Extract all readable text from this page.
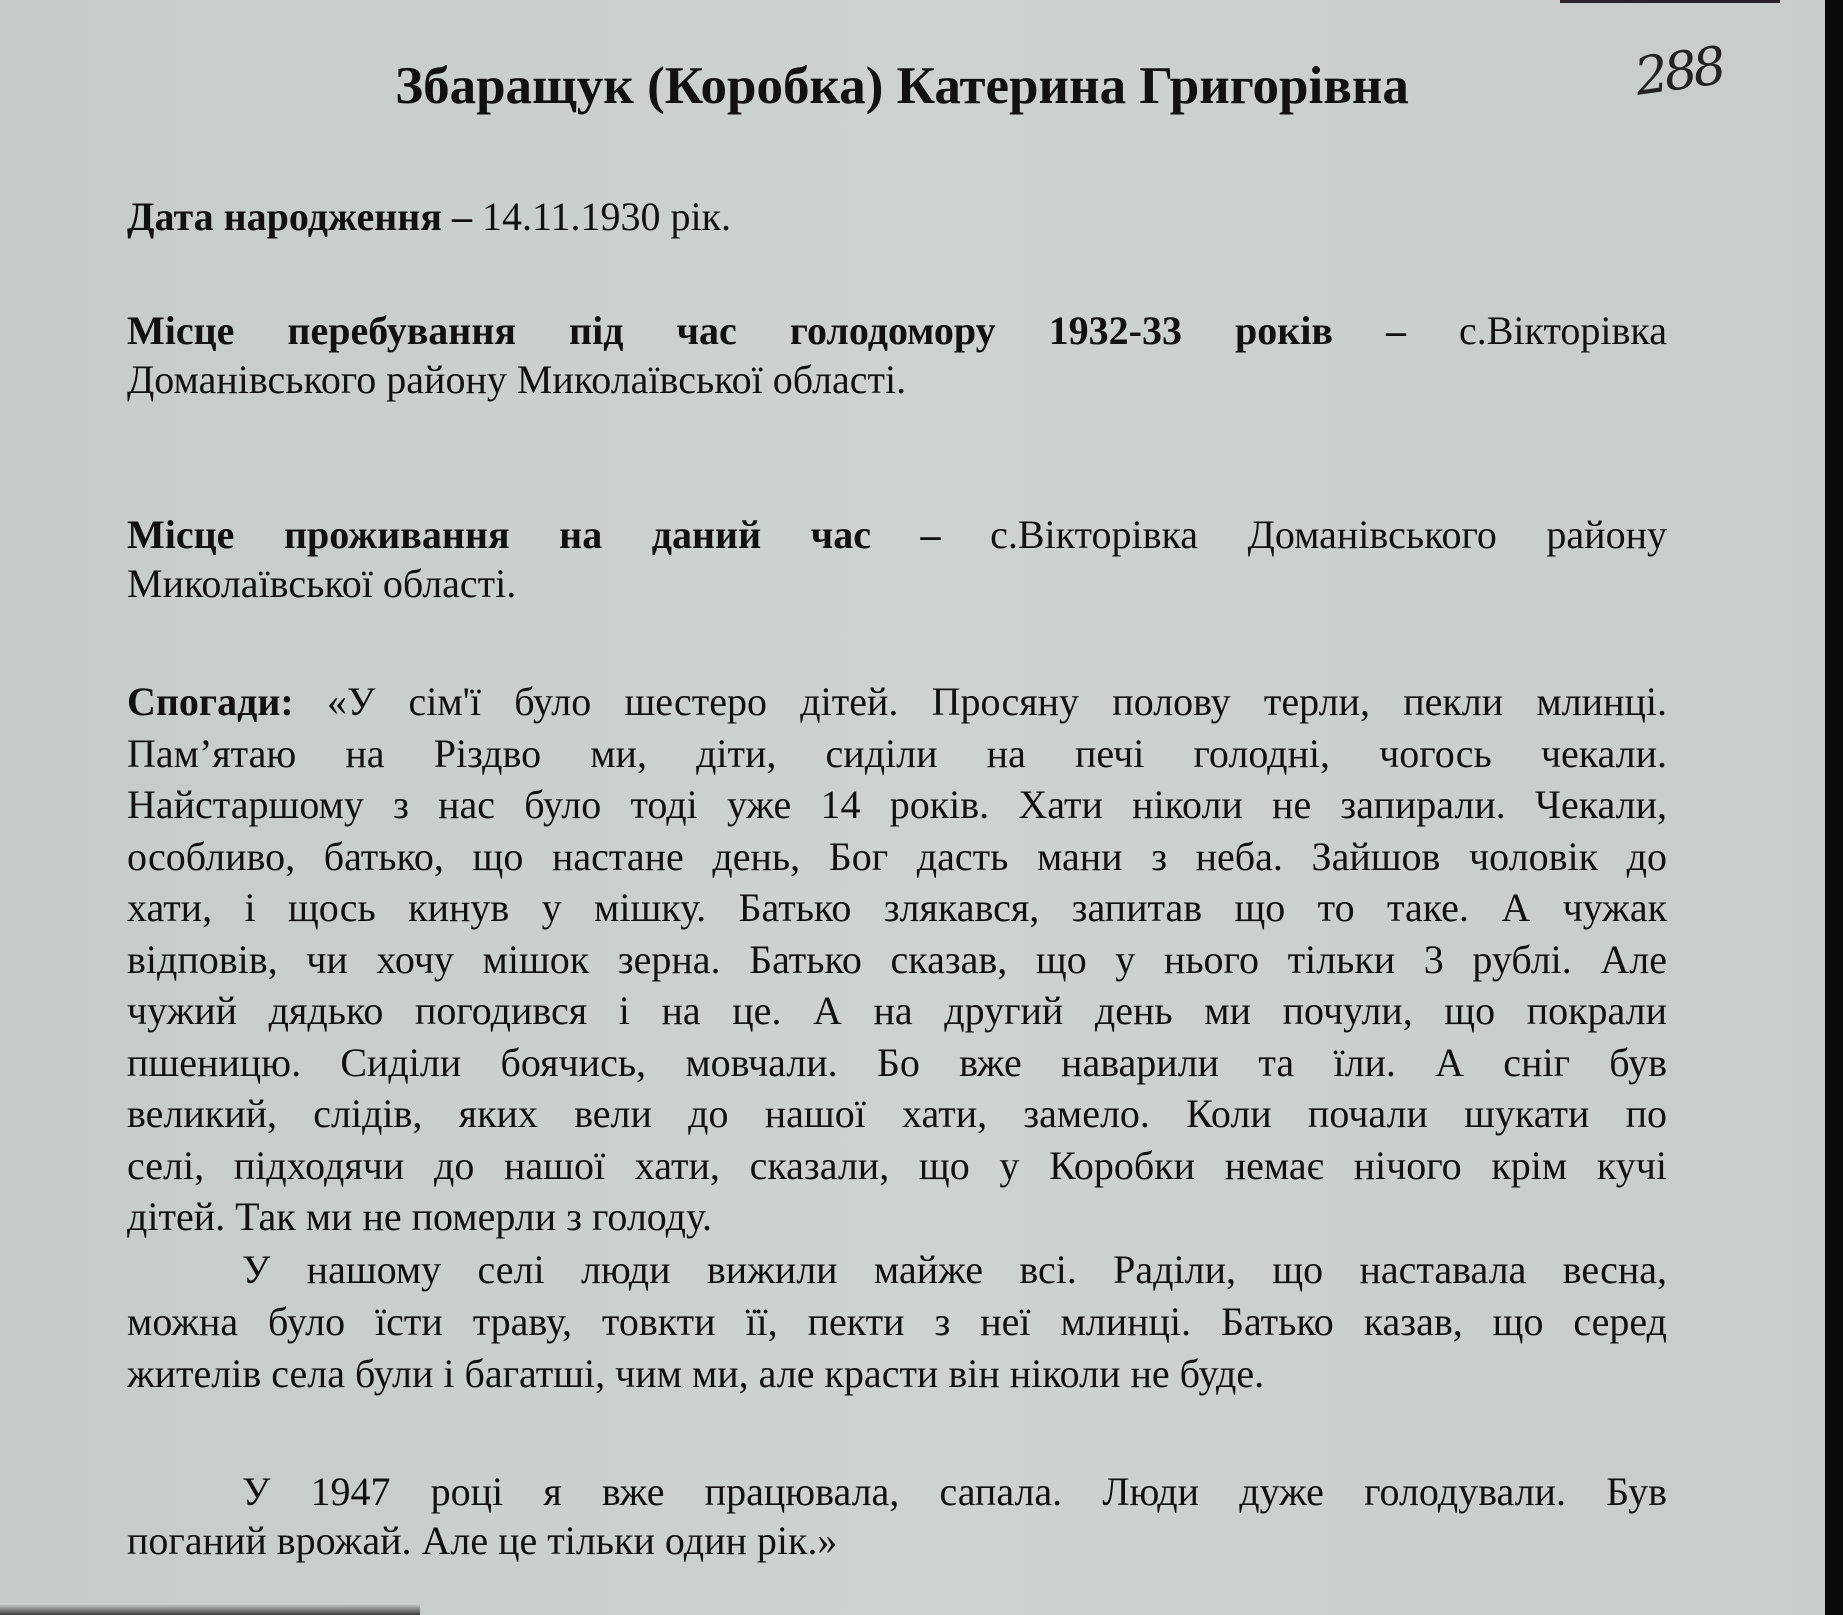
Збаращук (Коробка) Катерина Григорівна	288
Дата народження – 14.11.1930 рік.
Місце перебування під час голодомору 1932-33 років – с.Вікторівка
Доманівського району Миколаївської області.
Місце проживання на даний час – с.Вікторівка Доманівського району
Миколаївської області.
Спогади: «У сім'ї було шестеро дітей. Просяну полову терли, пекли млинці.
Пам’ятаю на Різдво ми, діти, сиділи на печі голодні, чогось чекали.
Найстаршому з нас було тоді уже 14 років. Хати ніколи не запирали. Чекали,
особливо, батько, що настане день, Бог дасть мани з неба. Зайшов чоловік до
хати, і щось кинув у мішку. Батько злякався, запитав що то таке. А чужак
відповів, чи хочу мішок зерна. Батько сказав, що у нього тільки 3 рублі. Але
чужий дядько погодився і на це. А на другий день ми почули, що покрали
пшеницю. Сиділи боячись, мовчали. Бо вже наварили та їли. А сніг був
великий, слідів, яких вели до нашої хати, замело. Коли почали шукати по
селі, підходячи до нашої хати, сказали, що у Коробки немає нічого крім кучі
дітей. Так ми не померли з голоду.
У нашому селі люди вижили майже всі. Раділи, що наставала весна,
можна було їсти траву, товкти її, пекти з неї млинці. Батько казав, що серед
жителів села були і багатші, чим ми, але красти він ніколи не буде.
У 1947 році я вже працювала, сапала. Люди дуже голодували. Був
поганий врожай. Але це тільки один рік.»
